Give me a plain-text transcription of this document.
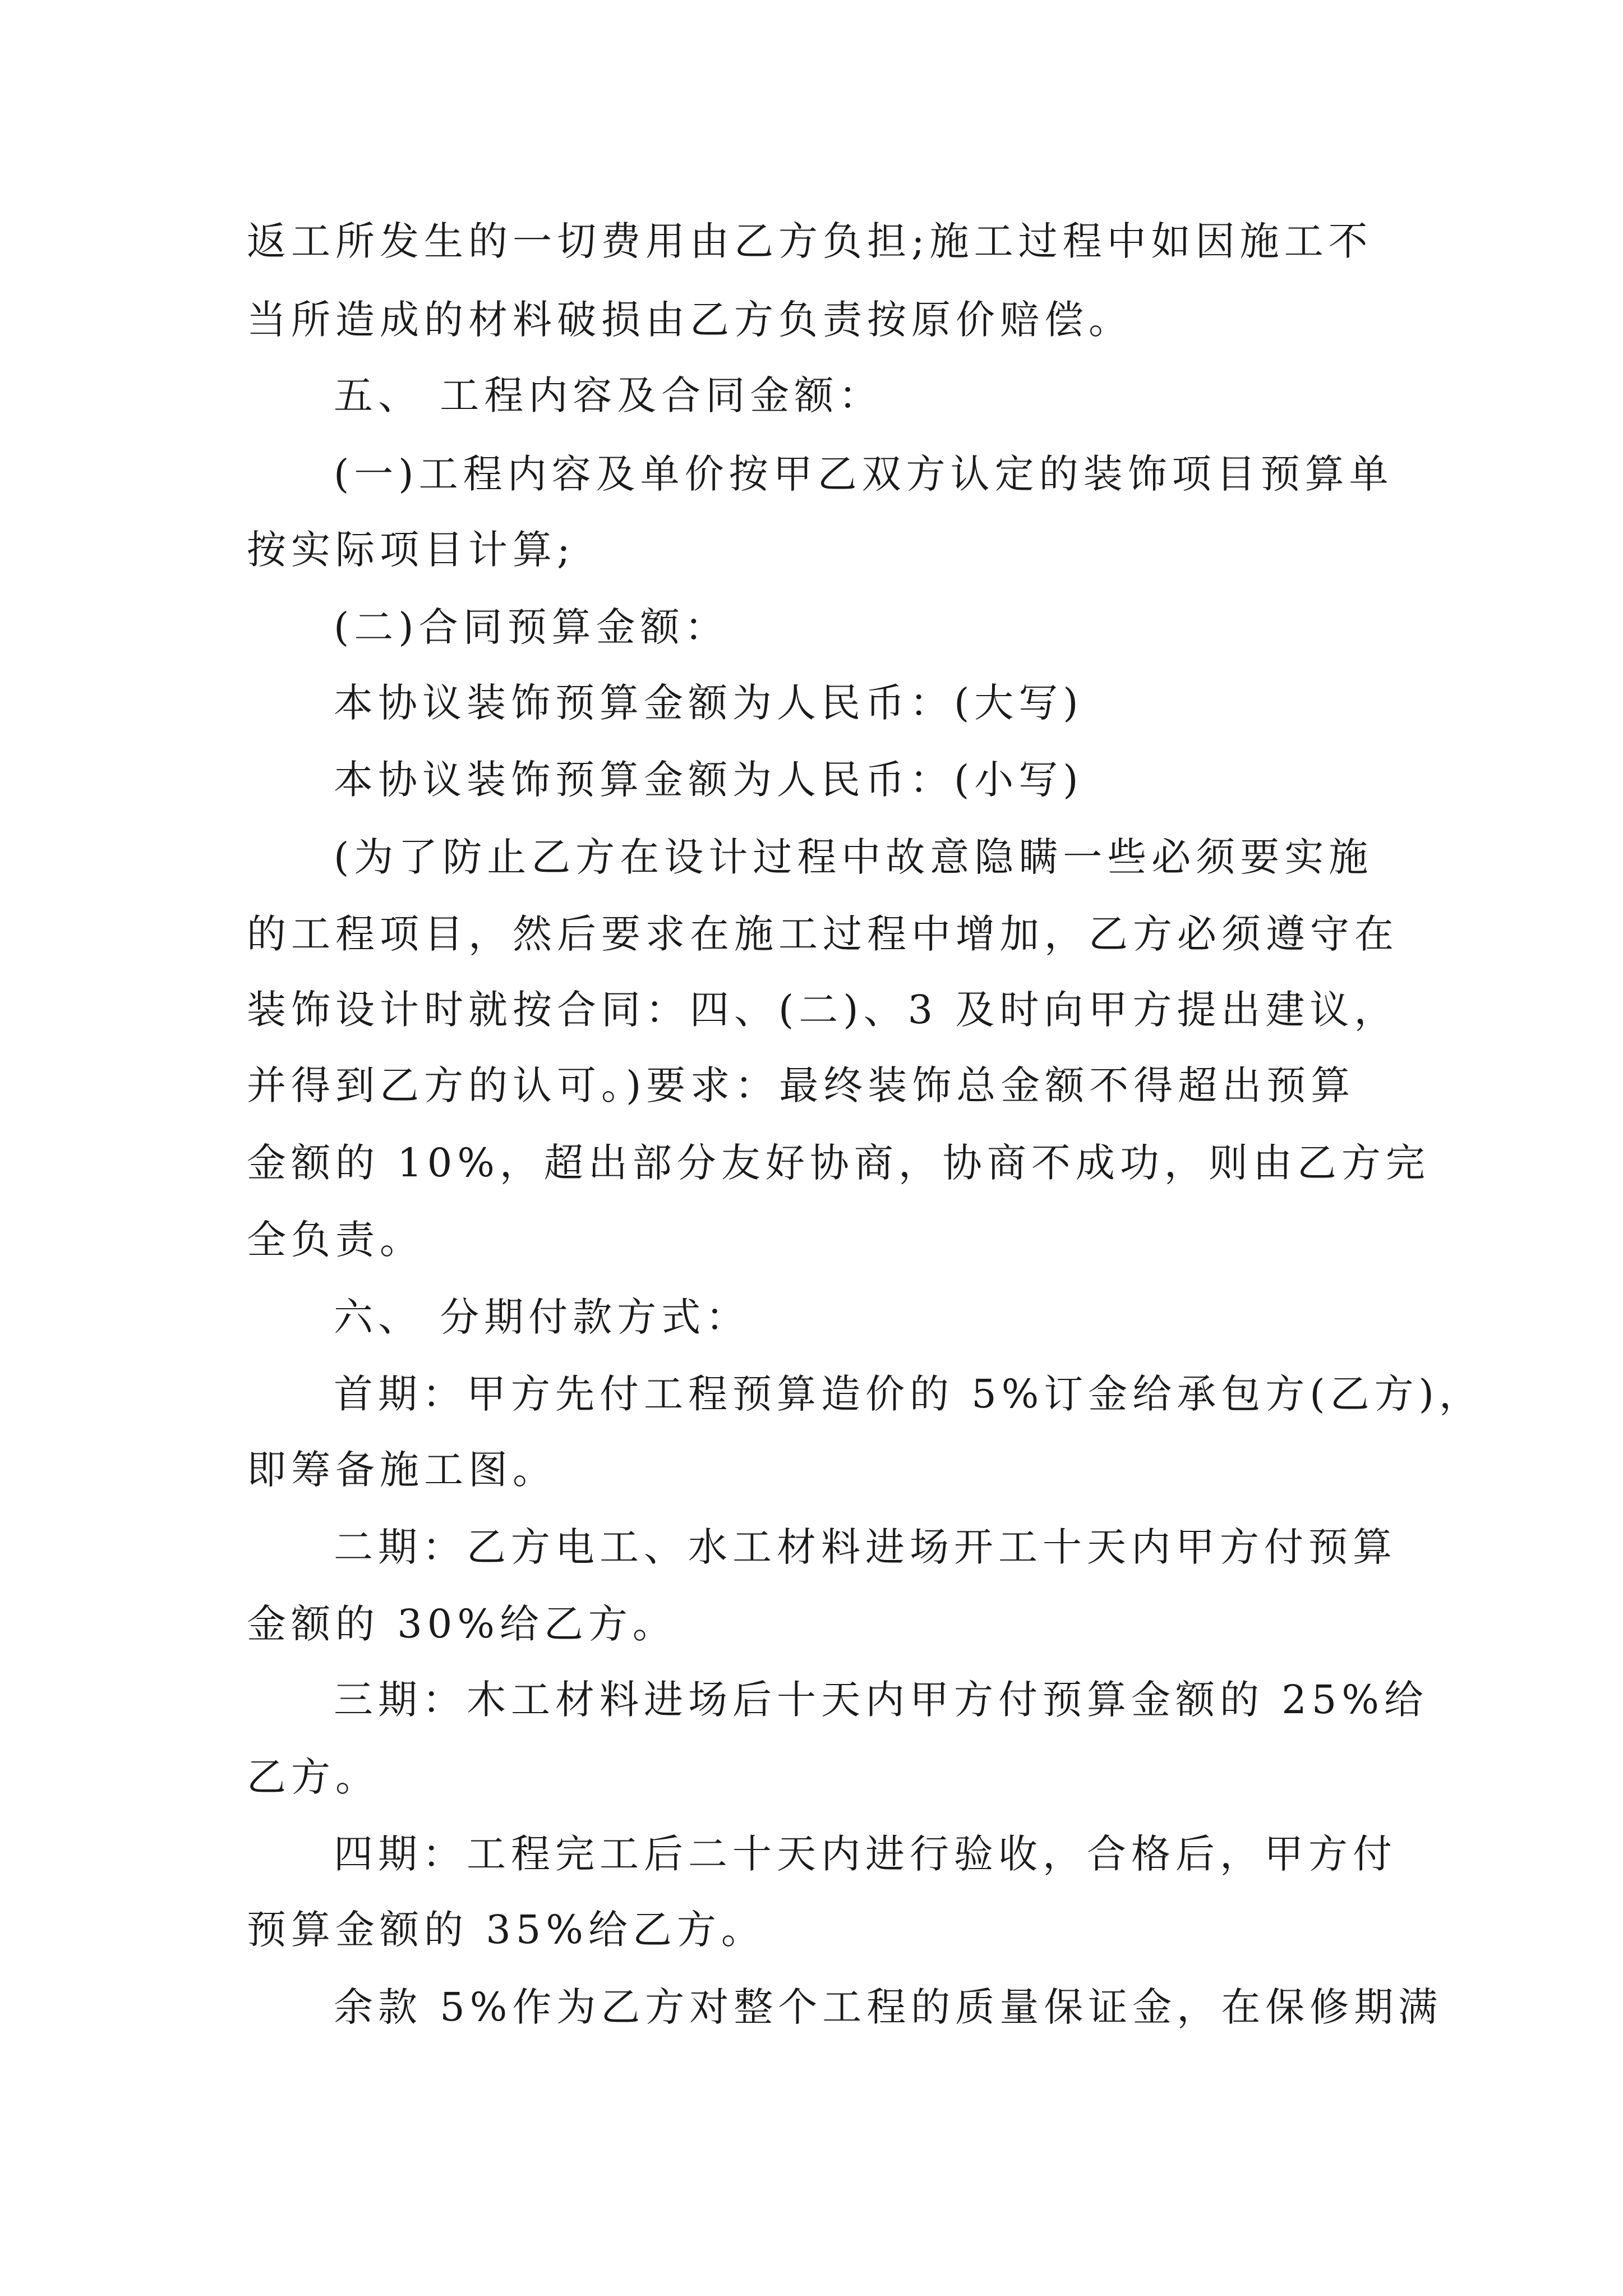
返工所发生的一切费用由乙方负担;施工过程中如因施工不

当所造成的材料破损由乙方负责按原价赔偿。

五、 工程内容及合同金额：

(一)工程内容及单价按甲乙双方认定的装饰项目预算单

按实际项目计算;

(二)合同预算金额：

本协议装饰预算金额为人民币：(大写)

本协议装饰预算金额为人民币：(小写)

(为了防止乙方在设计过程中故意隐瞒一些必须要实施

的工程项目，然后要求在施工过程中增加，乙方必须遵守在

装饰设计时就按合同：四、(二)、3 及时向甲方提出建议，

并得到乙方的认可。)要求：最终装饰总金额不得超出预算

金额的 10%，超出部分友好协商，协商不成功，则由乙方完

全负责。

六、 分期付款方式：

首期：甲方先付工程预算造价的 5%订金给承包方(乙方)，

即筹备施工图。

二期：乙方电工、水工材料进场开工十天内甲方付预算

金额的 30%给乙方。

三期：木工材料进场后十天内甲方付预算金额的 25%给

乙方。

四期：工程完工后二十天内进行验收，合格后，甲方付

预算金额的 35%给乙方。

余款 5%作为乙方对整个工程的质量保证金，在保修期满
